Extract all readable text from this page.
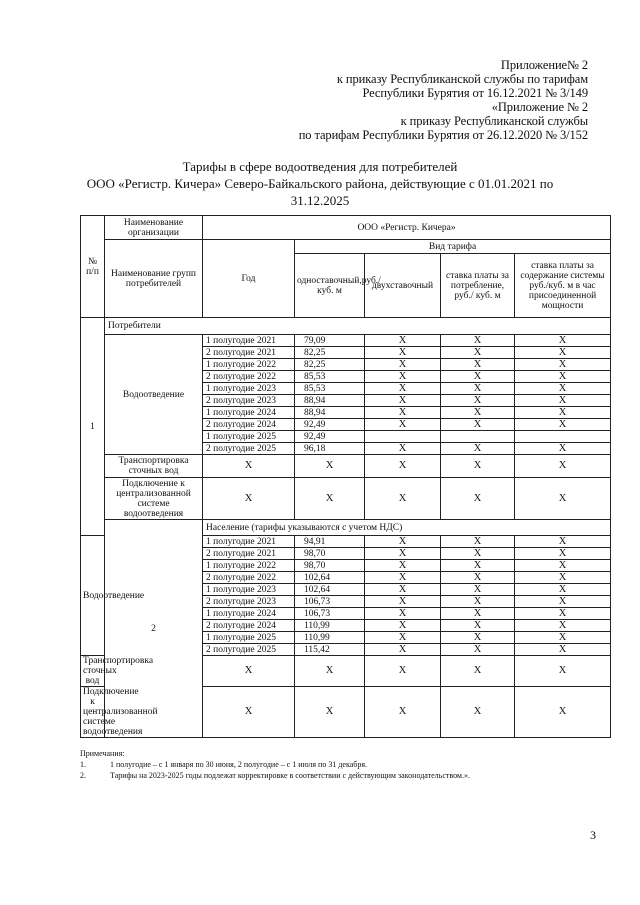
Приложение№ 2
к приказу Республиканской службы по тарифам
Республики Бурятия от 16.12.2021 № 3/149
«Приложение № 2
к приказу Республиканской службы
по тарифам Республики Бурятия от 26.12.2020 № 3/152
Тарифы в сфере водоотведения для потребителей
ООО «Регистр. Кичера» Северо-Байкальского района, действующие с 01.01.2021 по
31.12.2025
№ п/п	Наименование организации	ООО «Регистр. Кичера»				
	Наименование групп потребителей	Год	Вид тарифа			
			одноставочный,руб./ куб. м	двухставочный	ставка платы за потребление, руб./ куб. м	ставка платы за содержание системы руб./куб. м в час присоединенной мощности
1	Потребители					
	Водоотведение	1 полугодие 2021	79,09	X	X	X
		2 полугодие 2021	82,25	X	X	X
		1 полугодие 2022	82,25	X	X	X
		2 полугодие 2022	85,53	X	X	X
		1 полугодие 2023	85,53	X	X	X
		2 полугодие 2023	88,94	X	X	X
		1 полугодие 2024	88,94	X	X	X
		2 полугодие 2024	92,49	X	X	X
		1 полугодие 2025	92,49			
		2 полугодие 2025	96,18	X	X	X
	Транспортировка сточных вод	X	X	X	X	X
	Подключение к централизованной системе водоотведения	X	X	X	X	X
	2	Население (тарифы указываются с учетом НДС)				
Водоотведение		1 полугодие 2021	94,91	X	X	X
		2 полугодие 2021	98,70	X	X	X
		1 полугодие 2022	98,70	X	X	X
		2 полугодие 2022	102,64	X	X	X
		1 полугодие 2023	102,64	X	X	X
		2 полугодие 2023	106,73	X	X	X
		1 полугодие 2024	106,73	X	X	X
		2 полугодие 2024	110,99	X	X	X
		1 полугодие 2025	110,99	X	X	X
		2 полугодие 2025	115,42	X	X	X
Транспортировка сточных вод		X	X	X	X	X
Подключение к централизованной системе водоотведения		X	X	X	X	X
Примечания:
1.	1 полугодие – с 1 января по 30 июня, 2 полугодие – с 1 июля по 31 декабря.
2.	Тарифы на 2023-2025 годы подлежат корректировке в соответствии с действующим законодательством.».
3
